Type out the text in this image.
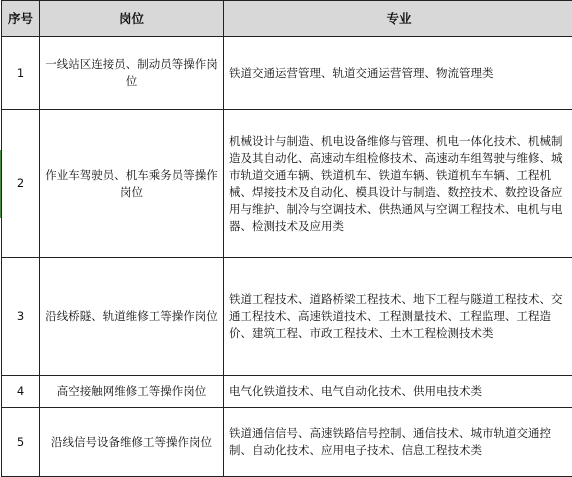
序号	岗位	专业
1	一线站区连接员、制动员等操作岗位	铁道交通运营管理、轨道交通运营管理、物流管理类

2	作业车驾驶员、机车乘务员等操作岗位	机械设计与制造、机电设备维修与管理、机电一体化技术、机械制造及其自动化、高速动车组检修技术、高速动车组驾驶与维修、城市轨道交通车辆、铁道机车、铁道车辆、铁道机车车辆、工程机械、焊接技术及自动化、模具设计与制造、数控技术、数控设备应用与维护、制冷与空调技术、供热通风与空调工程技术、电机与电器、检测技术及应用类

3	沿线桥隧、轨道维修工等操作岗位	铁道工程技术、道路桥梁工程技术、地下工程与隧道工程技术、交通工程技术、高速铁道技术、工程测量技术、工程监理、工程造价、建筑工程、市政工程技术、土木工程检测技术类

4	高空接触网维修工等操作岗位	电气化铁道技术、电气自动化技术、供用电技术类

5	沿线信号设备维修工等操作岗位	铁道通信信号、高速铁路信号控制、通信技术、城市轨道交通控制、自动化技术、应用电子技术、信息工程技术类
